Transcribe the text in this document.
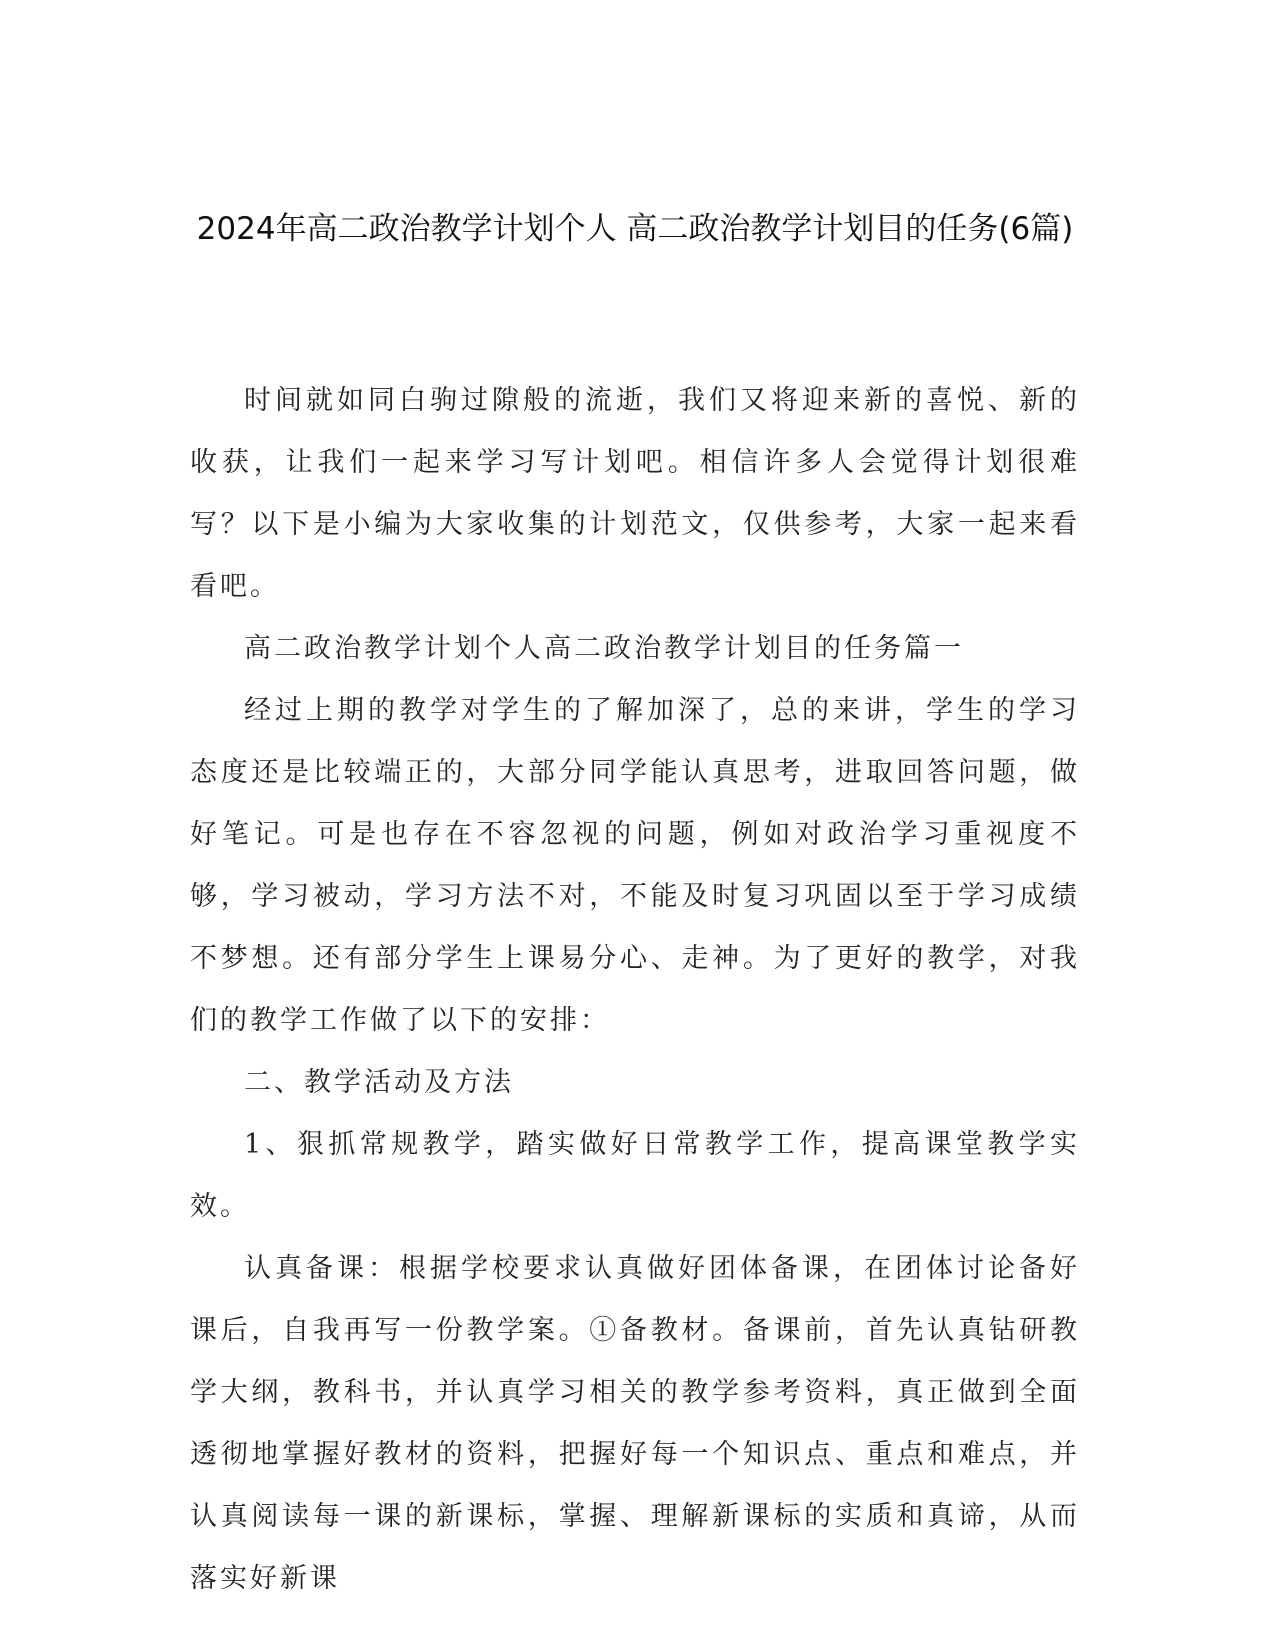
2024年高二政治教学计划个人 高二政治教学计划目的任务(6篇)

时间就如同白驹过隙般的流逝，我们又将迎来新的喜悦、新的收获，让我们一起来学习写计划吧。相信许多人会觉得计划很难写？以下是小编为大家收集的计划范文，仅供参考，大家一起来看看吧。

高二政治教学计划个人高二政治教学计划目的任务篇一

经过上期的教学对学生的了解加深了，总的来讲，学生的学习态度还是比较端正的，大部分同学能认真思考，进取回答问题，做好笔记。可是也存在不容忽视的问题，例如对政治学习重视度不够，学习被动，学习方法不对，不能及时复习巩固以至于学习成绩不梦想。还有部分学生上课易分心、走神。为了更好的教学，对我们的教学工作做了以下的安排：

二、教学活动及方法

1、狠抓常规教学，踏实做好日常教学工作，提高课堂教学实效。

认真备课：根据学校要求认真做好团体备课，在团体讨论备好课后，自我再写一份教学案。①备教材。备课前，首先认真钻研教学大纲，教科书，并认真学习相关的教学参考资料，真正做到全面透彻地掌握好教材的资料，把握好每一个知识点、重点和难点，并认真阅读每一课的新课标，掌握、理解新课标的实质和真谛，从而落实好新课
